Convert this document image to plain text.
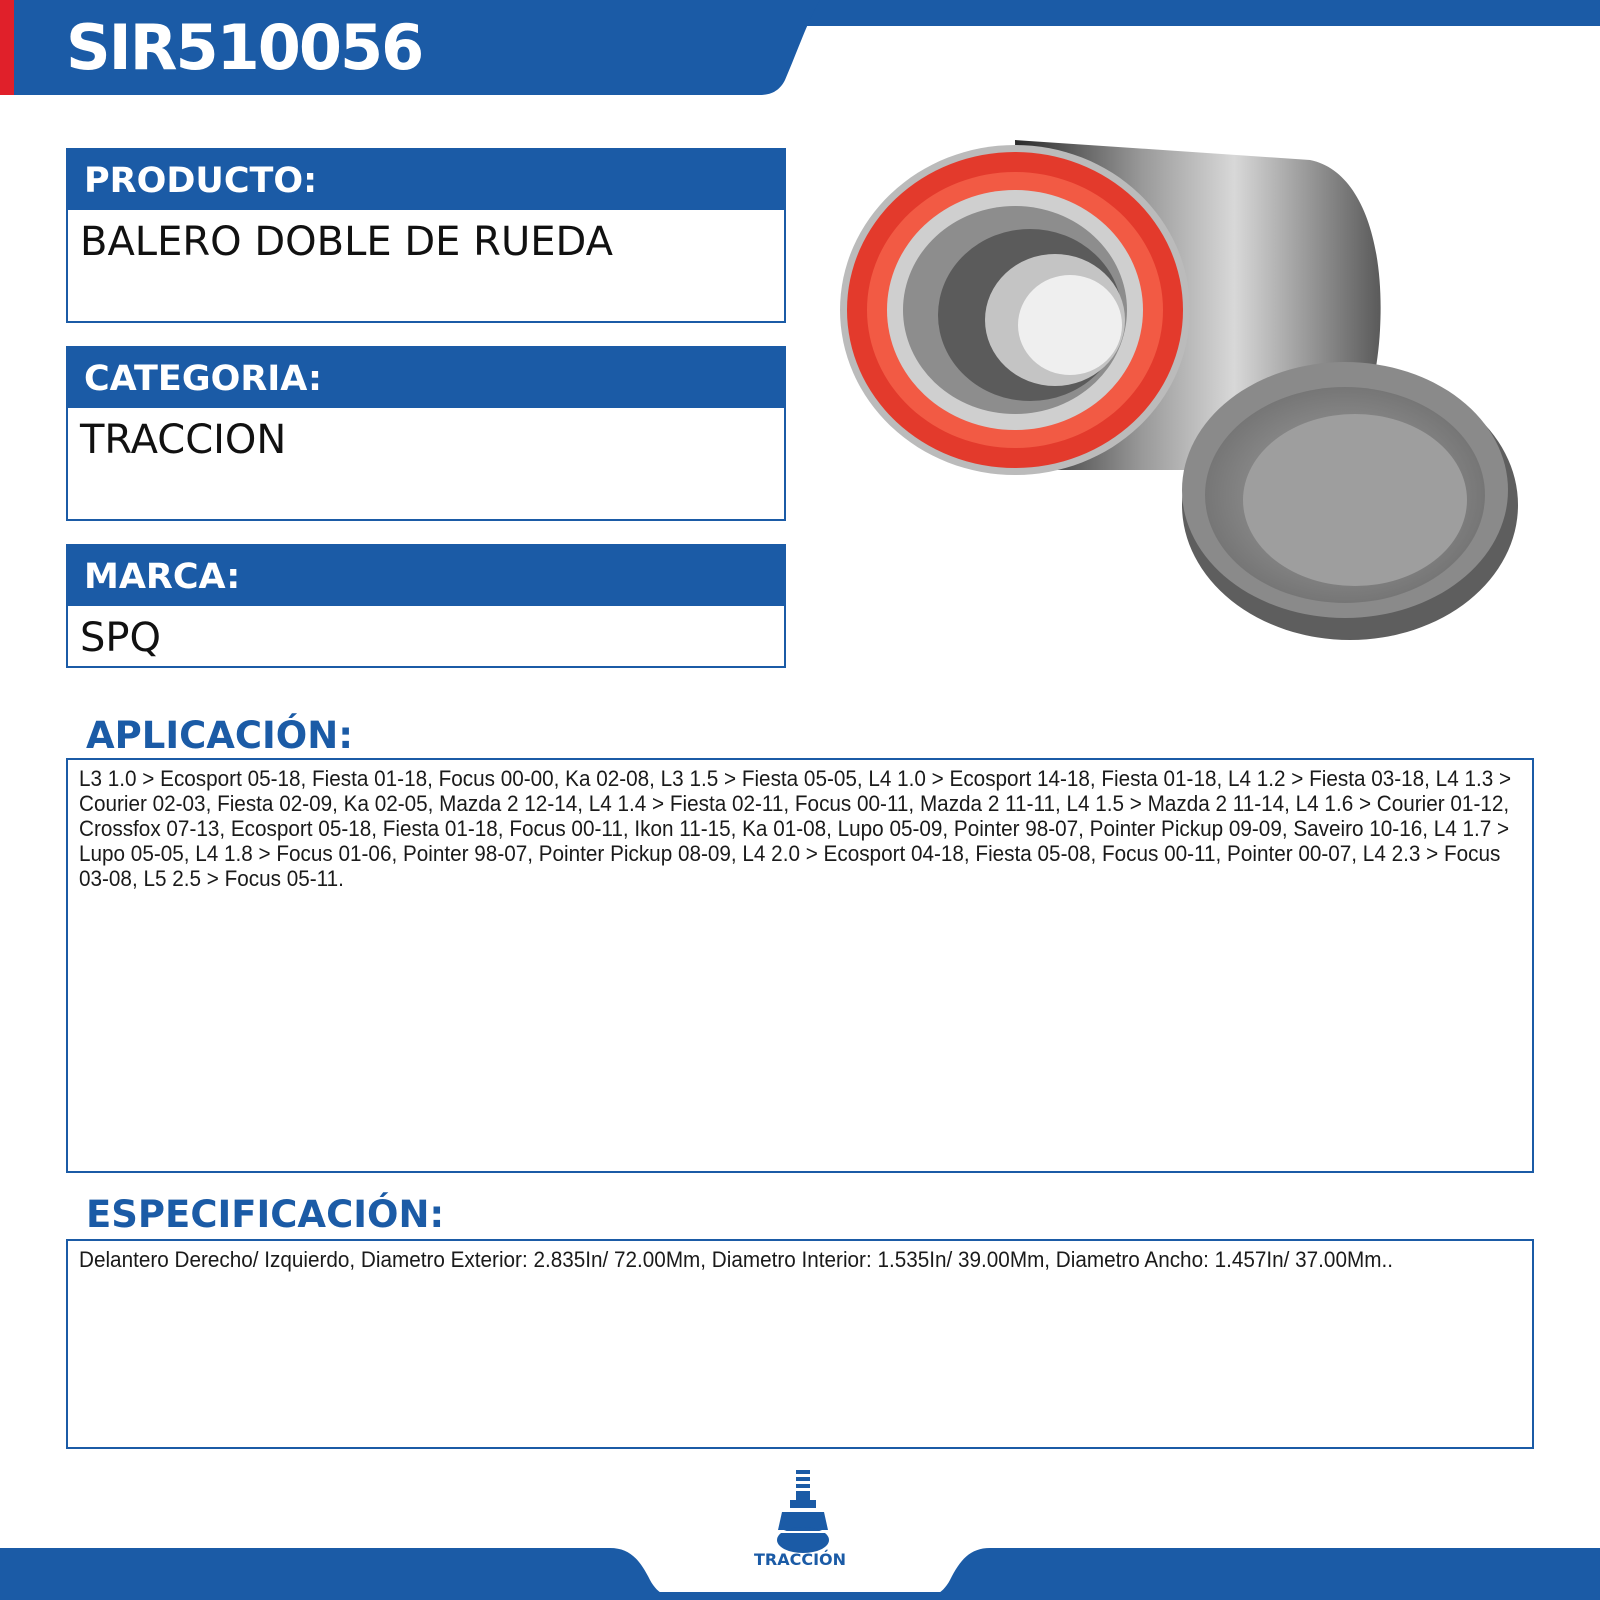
SIR510056
PRODUCTO:
BALERO DOBLE DE RUEDA
CATEGORIA:
TRACCION
MARCA:
SPQ
APLICACIÓN:
L3 1.0 > Ecosport 05-18, Fiesta 01-18, Focus 00-00, Ka 02-08, L3 1.5 > Fiesta 05-05, L4 1.0 > Ecosport 14-18, Fiesta 01-18, L4 1.2 > Fiesta 03-18, L4 1.3 > Courier 02-03, Fiesta 02-09, Ka 02-05, Mazda 2 12-14, L4 1.4 > Fiesta 02-11, Focus 00-11, Mazda 2 11-11, L4 1.5 > Mazda 2 11-14, L4 1.6 > Courier 01-12, Crossfox 07-13, Ecosport 05-18, Fiesta 01-18, Focus 00-11, Ikon 11-15, Ka 01-08, Lupo 05-09, Pointer 98-07, Pointer Pickup 09-09, Saveiro 10-16, L4 1.7 > Lupo 05-05, L4 1.8 > Focus 01-06, Pointer 98-07, Pointer Pickup 08-09, L4 2.0 > Ecosport 04-18, Fiesta 05-08, Focus 00-11, Pointer 00-07, L4 2.3 > Focus 03-08, L5 2.5 > Focus 05-11.
ESPECIFICACIÓN:
Delantero Derecho/ Izquierdo, Diametro Exterior: 2.835In/ 72.00Mm, Diametro Interior: 1.535In/ 39.00Mm, Diametro Ancho: 1.457In/ 37.00Mm..
TRACCIÓN
